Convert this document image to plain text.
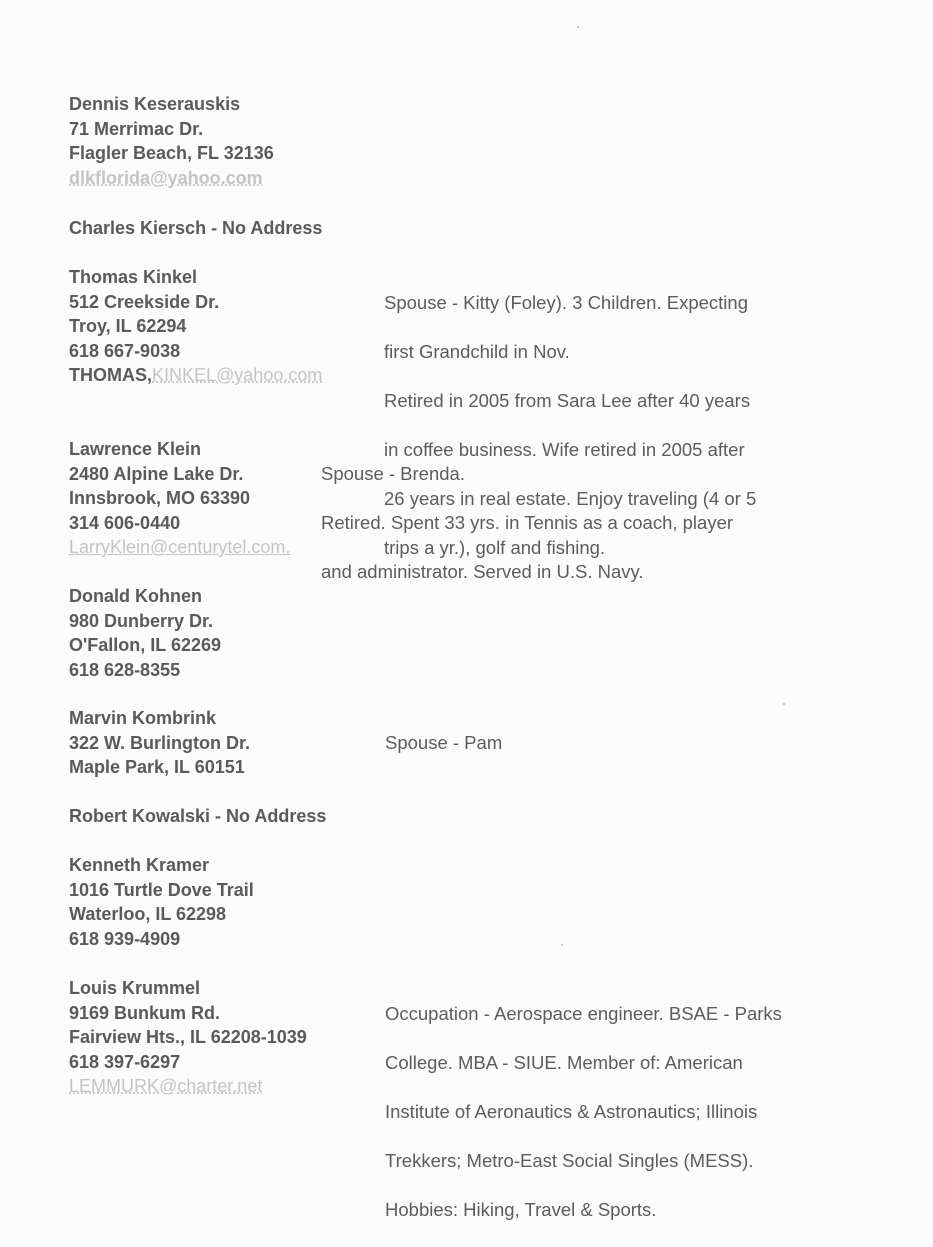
Dennis Keserauskis
71 Merrimac Dr.
Flagler Beach, FL 32136
dlkflorida@yahoo.com
Charles Kiersch - No Address
Thomas Kinkel
512 Creekside Dr.
Troy, IL 62294
618 667-9038
THOMAS,KINKEL@yahoo.com

Spouse - Kitty (Foley). 3 Children. Expecting

first Grandchild in Nov.

Retired in 2005 from Sara Lee after 40 years

in coffee business. Wife retired in 2005 after

26 years in real estate. Enjoy traveling (4 or 5

trips a yr.), golf and fishing.

Lawrence Klein
2480 Alpine Lake Dr.
Innsbrook, MO 63390
314 606-0440
LarryKlein@centurytel.com.

Spouse - Brenda.

Retired. Spent 33 yrs. in Tennis as a coach, player

and administrator. Served in U.S. Navy.

Donald Kohnen
980 Dunberry Dr.
O'Fallon, IL 62269
618 628-8355
Marvin Kombrink
322 W. Burlington Dr.
Maple Park, IL 60151

Spouse - Pam

Robert Kowalski - No Address
Kenneth Kramer
1016 Turtle Dove Trail
Waterloo, IL 62298
618 939-4909
Louis Krummel
9169 Bunkum Rd.
Fairview Hts., IL 62208-1039
618 397-6297
LEMMURK@charter.net

Occupation - Aerospace engineer. BSAE - Parks

College. MBA - SIUE. Member of: American

Institute of Aeronautics & Astronautics; Illinois

Trekkers; Metro-East Social Singles (MESS).

Hobbies: Hiking, Travel & Sports.
